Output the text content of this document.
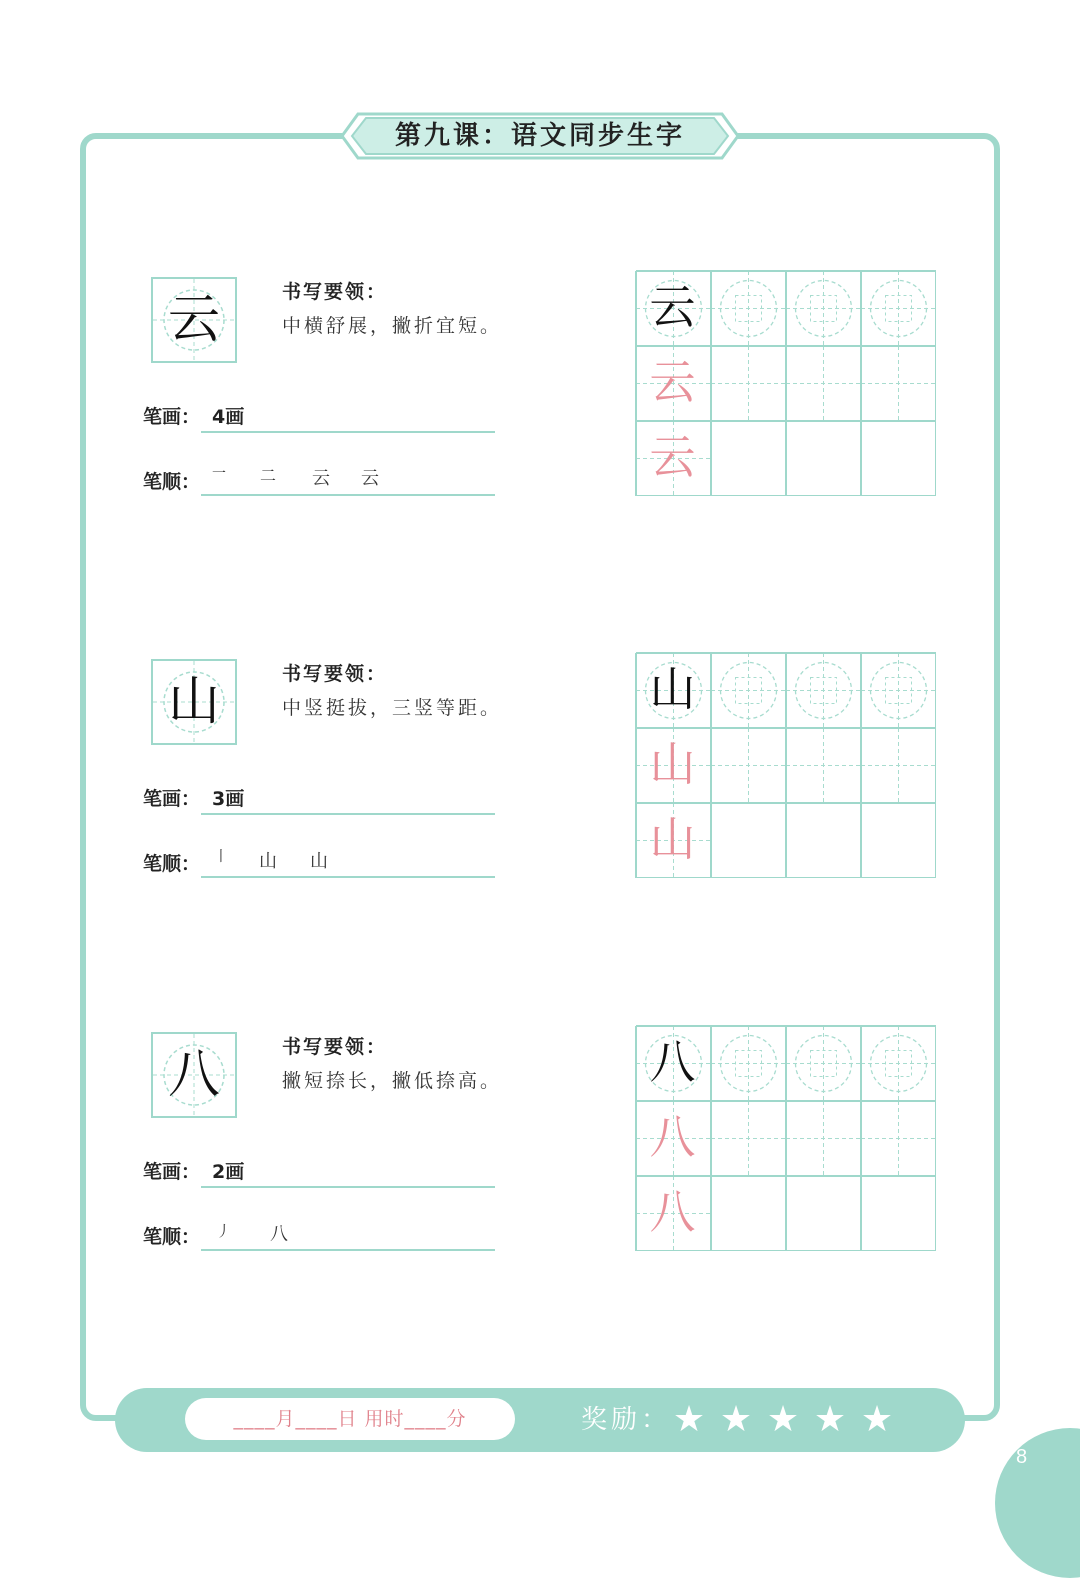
第九课：语文同步生字
云	书写要领：
中横舒展，撇折宜短。
笔画： 4画
笔顺： 一 二 云 云
云
云
云
山	书写要领：
中竖挺拔，三竖等距。
笔画： 3画
笔顺： 丨 山 山
山
山
山
八	书写要领：
撇短捺长，撇低捺高。
笔画： 2画
笔顺： 丿 八
八
八
八
____月____日 用时____分	奖励： ★ ★ ★ ★ ★
8
